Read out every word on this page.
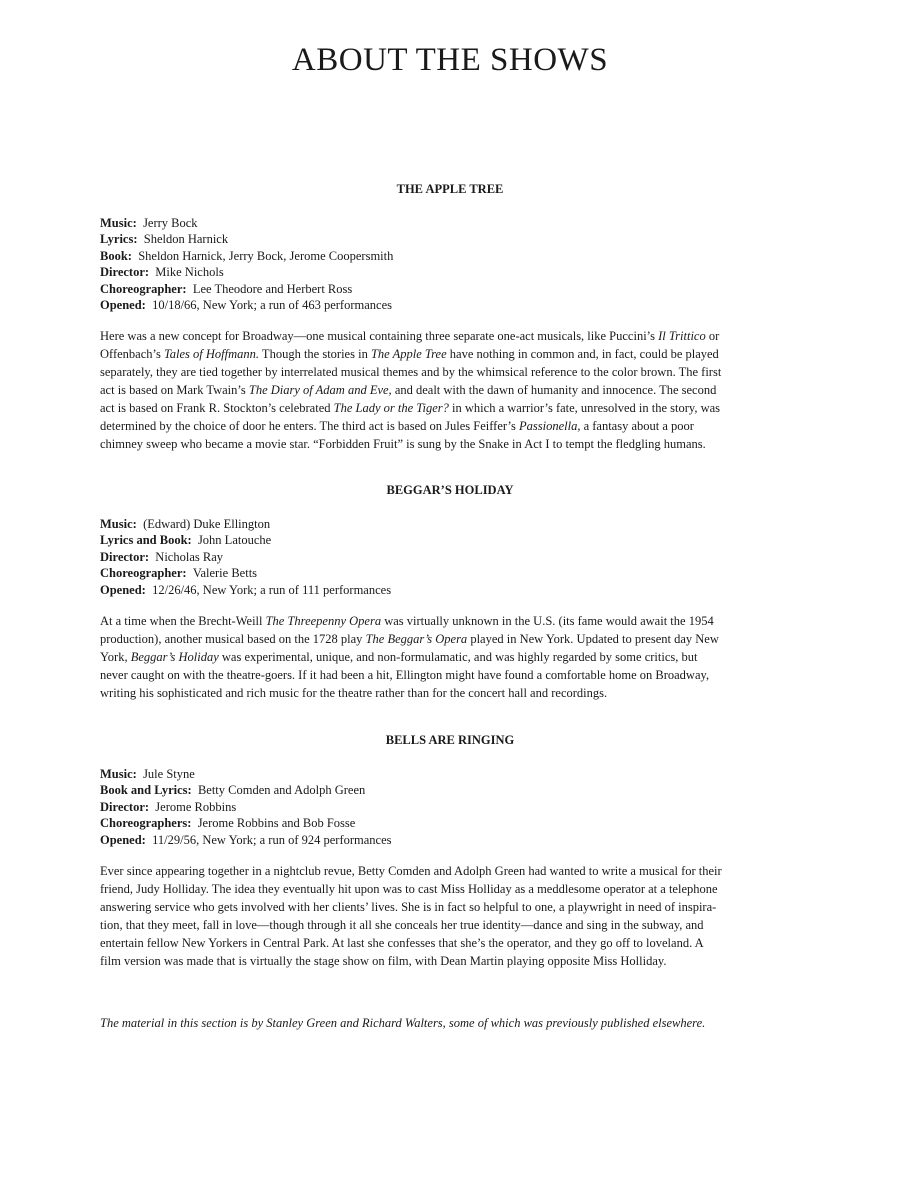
ABOUT THE SHOWS
THE APPLE TREE
Music: Jerry Bock
Lyrics: Sheldon Harnick
Book: Sheldon Harnick, Jerry Bock, Jerome Coopersmith
Director: Mike Nichols
Choreographer: Lee Theodore and Herbert Ross
Opened: 10/18/66, New York; a run of 463 performances
Here was a new concept for Broadway—one musical containing three separate one-act musicals, like Puccini’s Il Trittico or
Offenbach’s Tales of Hoffmann. Though the stories in The Apple Tree have nothing in common and, in fact, could be played
separately, they are tied together by interrelated musical themes and by the whimsical reference to the color brown. The first
act is based on Mark Twain’s The Diary of Adam and Eve, and dealt with the dawn of humanity and innocence. The second
act is based on Frank R. Stockton’s celebrated The Lady or the Tiger? in which a warrior’s fate, unresolved in the story, was
determined by the choice of door he enters. The third act is based on Jules Feiffer’s Passionella, a fantasy about a poor
chimney sweep who became a movie star. “Forbidden Fruit” is sung by the Snake in Act I to tempt the fledgling humans.
BEGGAR’S HOLIDAY
Music: (Edward) Duke Ellington
Lyrics and Book: John Latouche
Director: Nicholas Ray
Choreographer: Valerie Betts
Opened: 12/26/46, New York; a run of 111 performances
At a time when the Brecht-Weill The Threepenny Opera was virtually unknown in the U.S. (its fame would await the 1954
production), another musical based on the 1728 play The Beggar’s Opera played in New York. Updated to present day New
York, Beggar’s Holiday was experimental, unique, and non-formulamatic, and was highly regarded by some critics, but
never caught on with the theatre-goers. If it had been a hit, Ellington might have found a comfortable home on Broadway,
writing his sophisticated and rich music for the theatre rather than for the concert hall and recordings.
BELLS ARE RINGING
Music: Jule Styne
Book and Lyrics: Betty Comden and Adolph Green
Director: Jerome Robbins
Choreographers: Jerome Robbins and Bob Fosse
Opened: 11/29/56, New York; a run of 924 performances
Ever since appearing together in a nightclub revue, Betty Comden and Adolph Green had wanted to write a musical for their
friend, Judy Holliday. The idea they eventually hit upon was to cast Miss Holliday as a meddlesome operator at a telephone
answering service who gets involved with her clients’ lives. She is in fact so helpful to one, a playwright in need of inspira-
tion, that they meet, fall in love—though through it all she conceals her true identity—dance and sing in the subway, and
entertain fellow New Yorkers in Central Park. At last she confesses that she’s the operator, and they go off to loveland. A
film version was made that is virtually the stage show on film, with Dean Martin playing opposite Miss Holliday.
The material in this section is by Stanley Green and Richard Walters, some of which was previously published elsewhere.
